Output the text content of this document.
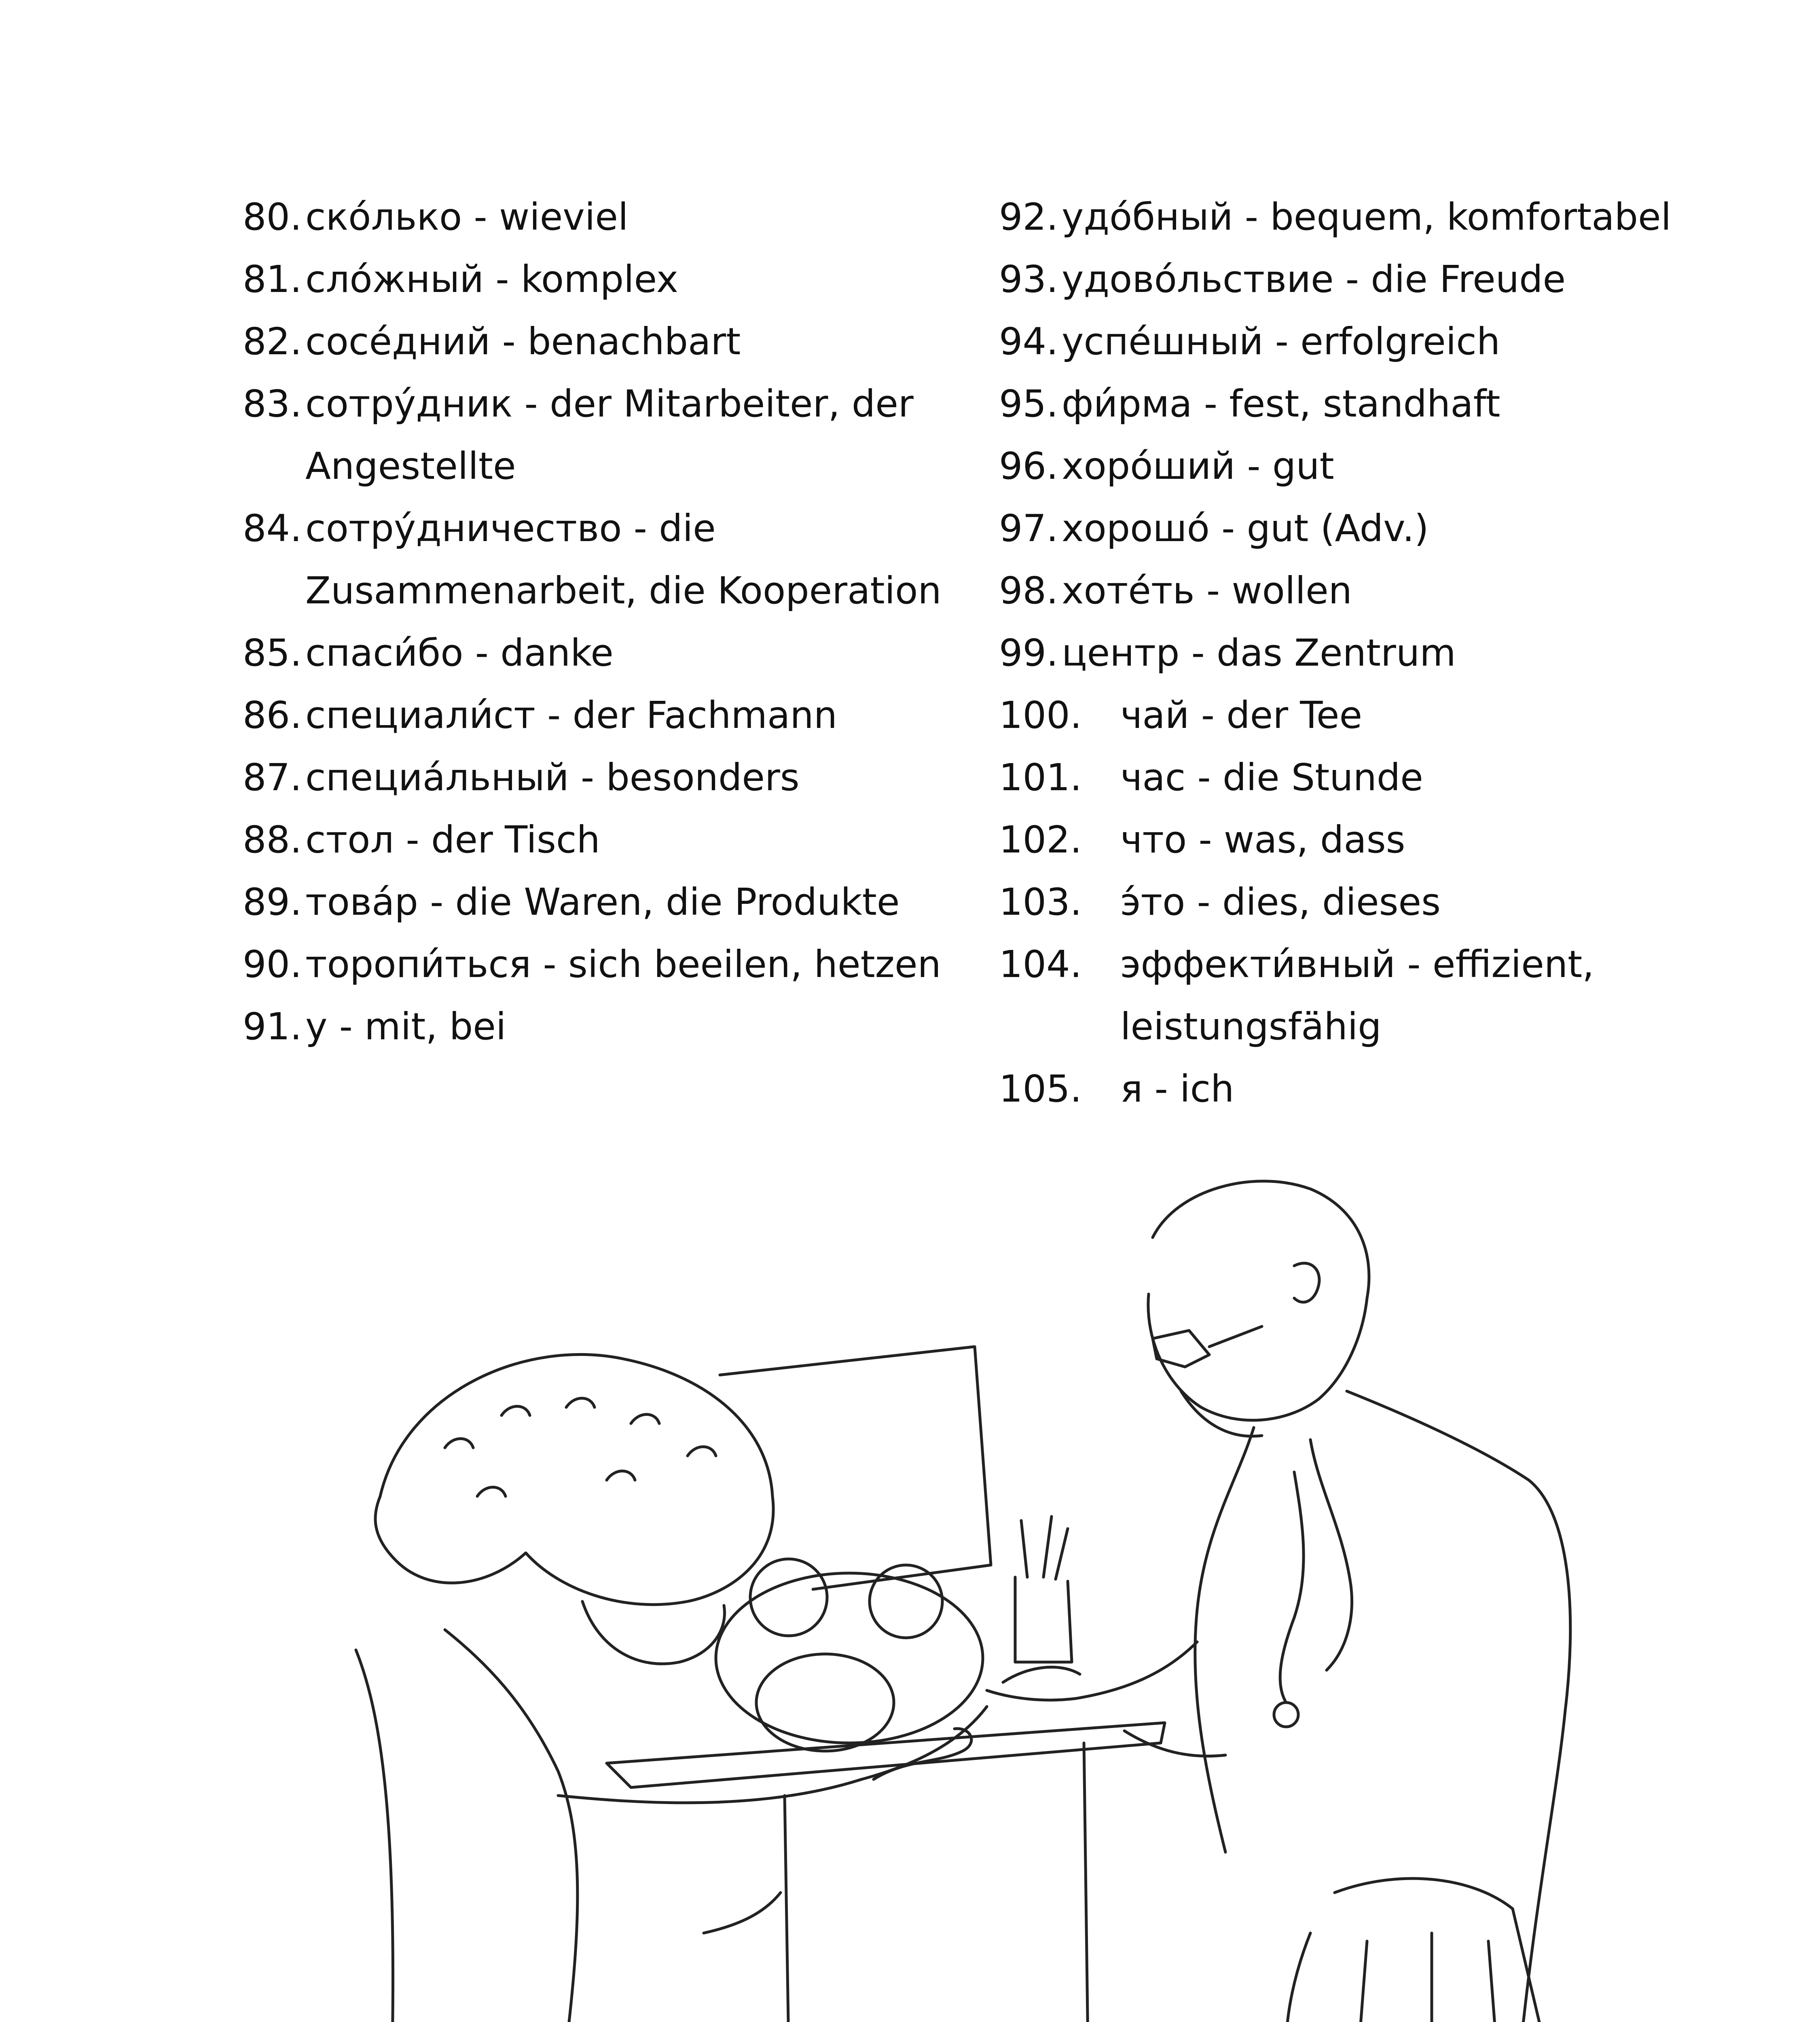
80. ско́лько - wieviel
81. сло́жный - komplex
82. сосе́дний - benachbart
83. сотру́дник - der Mitarbeiter, der Angestellte
84. сотру́дничество - die Zusammenarbeit, die Kooperation
85. спаси́бо - danke
86. специали́ст - der Fachmann
87. специа́льный - besonders
88. стол - der Tisch
89. това́р - die Waren, die Produkte
90. торопи́ться - sich beeilen, hetzen
91. у - mit, bei
92. удо́бный - bequem, komfortabel
93. удово́льствие - die Freude
94. успе́шный - erfolgreich
95. фи́рма - fest, standhaft
96. хоро́ший - gut
97. хорошо́ - gut (Adv.)
98. хоте́ть - wollen
99. центр - das Zentrum
100. чай - der Tee
101. час - die Stunde
102. что - was, dass
103. э́то - dies, dieses
104. эффекти́вный - effizient, leistungsfähig
105. я - ich
